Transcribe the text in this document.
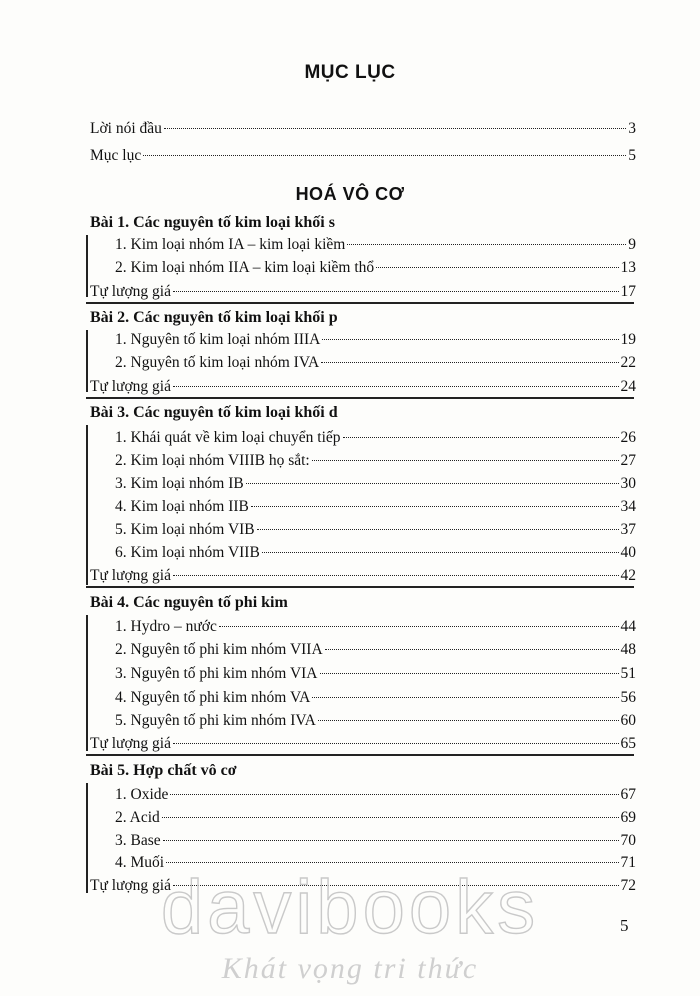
MỤC LỤC
Lời nói đầu	3
Mục lục	5
HOÁ VÔ CƠ
Bài 1. Các nguyên tố kim loại khối s
1. Kim loại nhóm IA – kim loại kiềm	9
2. Kim loại nhóm IIA – kim loại kiềm thổ	13
Tự lượng giá	17
Bài 2. Các nguyên tố kim loại khối p
1. Nguyên tố kim loại nhóm IIIA	19
2. Nguyên tố kim loại nhóm IVA	22
Tự lượng giá	24
Bài 3. Các nguyên tố kim loại khối d
1. Khái quát về kim loại chuyển tiếp	26
2. Kim loại nhóm VIIIB họ sắt:	27
3. Kim loại nhóm IB	30
4. Kim loại nhóm IIB	34
5. Kim loại nhóm VIB	37
6. Kim loại nhóm VIIB	40
Tự lượng giá	42
Bài 4. Các nguyên tố phi kim
1. Hydro – nước	44
2. Nguyên tố phi kim nhóm VIIA	48
3. Nguyên tố phi kim nhóm VIA	51
4. Nguyên tố phi kim nhóm VA	56
5. Nguyên tố phi kim nhóm IVA	60
Tự lượng giá	65
Bài 5. Hợp chất vô cơ
1. Oxide	67
2. Acid	69
3. Base	70
4. Muối	71
Tự lượng giá	72
davibooks
Khát vọng tri thức
5
